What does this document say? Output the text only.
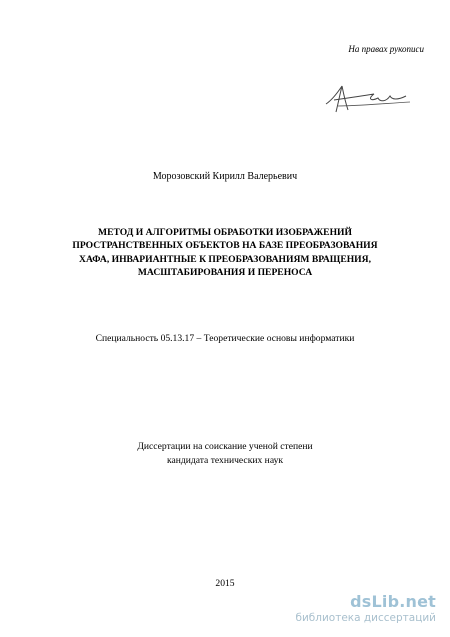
На правах рукописи
Морозовский Кирилл Валерьевич
МЕТОД И АЛГОРИТМЫ ОБРАБОТКИ ИЗОБРАЖЕНИЙ
ПРОСТРАНСТВЕННЫХ ОБЪЕКТОВ НА БАЗЕ ПРЕОБРАЗОВАНИЯ
ХАФА, ИНВАРИАНТНЫЕ К ПРЕОБРАЗОВАНИЯМ ВРАЩЕНИЯ,
МАСШТАБИРОВАНИЯ И ПЕРЕНОСА
Специальность 05.13.17 – Теоретические основы информатики
Диссертации на соискание ученой степени
кандидата технических наук
2015
dsLib.net
библиотека диссертаций
